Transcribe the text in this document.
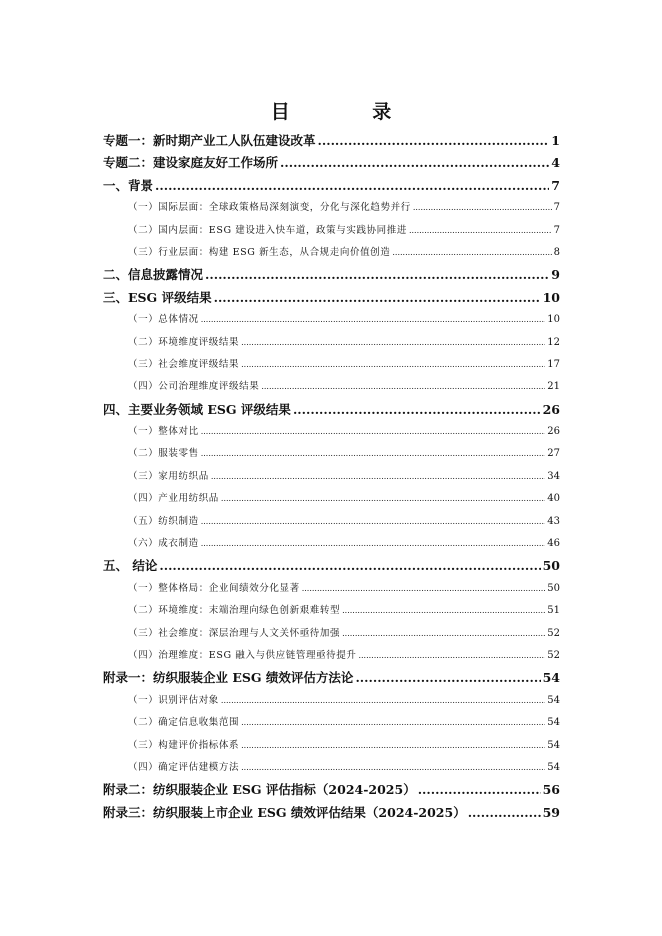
目 录
专题一：新时期产业工人队伍建设改革 .....	1
专题二：建设家庭友好工作场所 .....	4
一、背景 .....	7
（一）国际层面：全球政策格局深刻演变，分化与深化趋势并行 .....	7
（二）国内层面：ESG 建设进入快车道，政策与实践协同推进 .....	7
（三）行业层面：构建 ESG 新生态，从合规走向价值创造 .....	8
二、信息披露情况 .....	9
三、ESG 评级结果 .....	10
（一）总体情况 .....	10
（二）环境维度评级结果 .....	12
（三）社会维度评级结果 .....	17
（四）公司治理维度评级结果 .....	21
四、主要业务领域 ESG 评级结果 .....	26
（一）整体对比 .....	26
（二）服装零售 .....	27
（三）家用纺织品 .....	34
（四）产业用纺织品 .....	40
（五）纺织制造 .....	43
（六）成衣制造 .....	46
五、 结论 .....	50
（一）整体格局：企业间绩效分化显著 .....	50
（二）环境维度：末端治理向绿色创新艰难转型 .....	51
（三）社会维度：深层治理与人文关怀亟待加强 .....	52
（四）治理维度：ESG 融入与供应链管理亟待提升 .....	52
附录一：纺织服装企业 ESG 绩效评估方法论 .....	54
（一）识别评估对象 .....	54
（二）确定信息收集范围 .....	54
（三）构建评价指标体系 .....	54
（四）确定评估建模方法 .....	54
附录二：纺织服装企业 ESG 评估指标（2024-2025） .....	56
附录三：纺织服装上市企业 ESG 绩效评估结果（2024-2025） .....	59
